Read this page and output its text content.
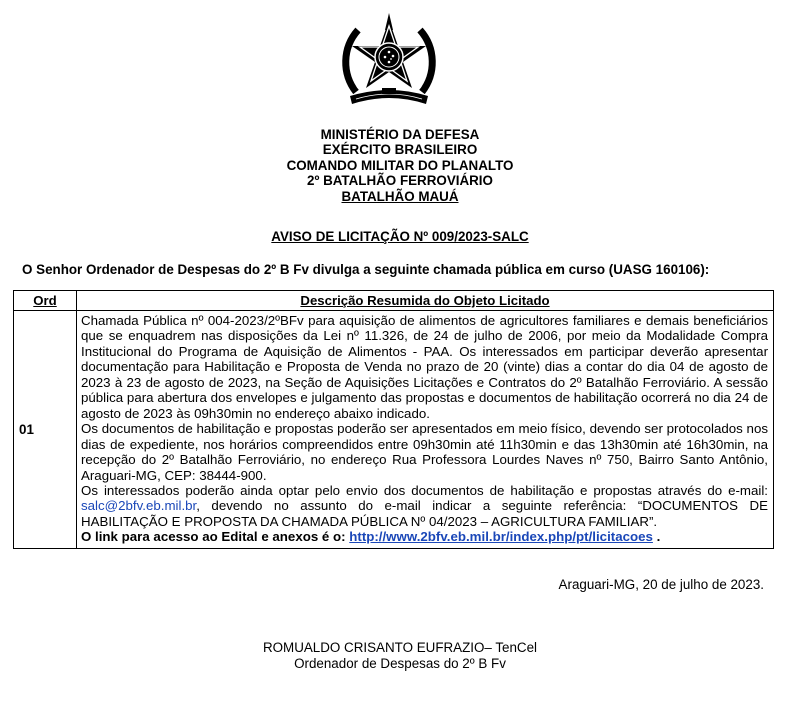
MINISTÉRIO DA DEFESA
EXÉRCITO BRASILEIRO
COMANDO MILITAR DO PLANALTO
2º BATALHÃO FERROVIÁRIO
BATALHÃO MAUÁ
AVISO DE LICITAÇÃO Nº 009/2023-SALC
O Senhor Ordenador de Despesas do 2º B Fv divulga a seguinte chamada pública em curso (UASG 160106):
Ord	Descrição Resumida do Objeto Licitado
01	Chamada Pública nº 004-2023/2ºBFv para aquisição de alimentos de agricultores familiares e demais beneficiários que se enquadrem nas disposições da Lei nº 11.326, de 24 de julho de 2006, por meio da Modalidade Compra Institucional do Programa de Aquisição de Alimentos - PAA. Os interessados em participar deverão apresentar documentação para Habilitação e Proposta de Venda no prazo de 20 (vinte) dias a contar do dia 04 de agosto de 2023 à 23 de agosto de 2023, na Seção de Aquisições Licitações e Contratos do 2º Batalhão Ferroviário. A sessão pública para abertura dos envelopes e julgamento das propostas e documentos de habilitação ocorrerá no dia 24 de agosto de 2023 às 09h30min no endereço abaixo indicado.

Os documentos de habilitação e propostas poderão ser apresentados em meio físico, devendo ser protocolados nos dias de expediente, nos horários compreendidos entre 09h30min até 11h30min e das 13h30min até 16h30min, na recepção do 2º Batalhão Ferroviário, no endereço Rua Professora Lourdes Naves nº 750, Bairro Santo Antônio, Araguari-MG, CEP: 38444-900.

Os interessados poderão ainda optar pelo envio dos documentos de habilitação e propostas através do e-mail: salc@2bfv.eb.mil.br, devendo no assunto do e-mail indicar a seguinte referência: “DOCUMENTOS DE HABILITAÇÃO E PROPOSTA DA CHAMADA PÚBLICA Nº 04/2023 – AGRICULTURA FAMILIAR”.

O link para acesso ao Edital e anexos é o: http://www.2bfv.eb.mil.br/index.php/pt/licitacoes .

Araguari-MG, 20 de julho de 2023.
ROMUALDO CRISANTO EUFRAZIO– TenCel
Ordenador de Despesas do 2º B Fv
